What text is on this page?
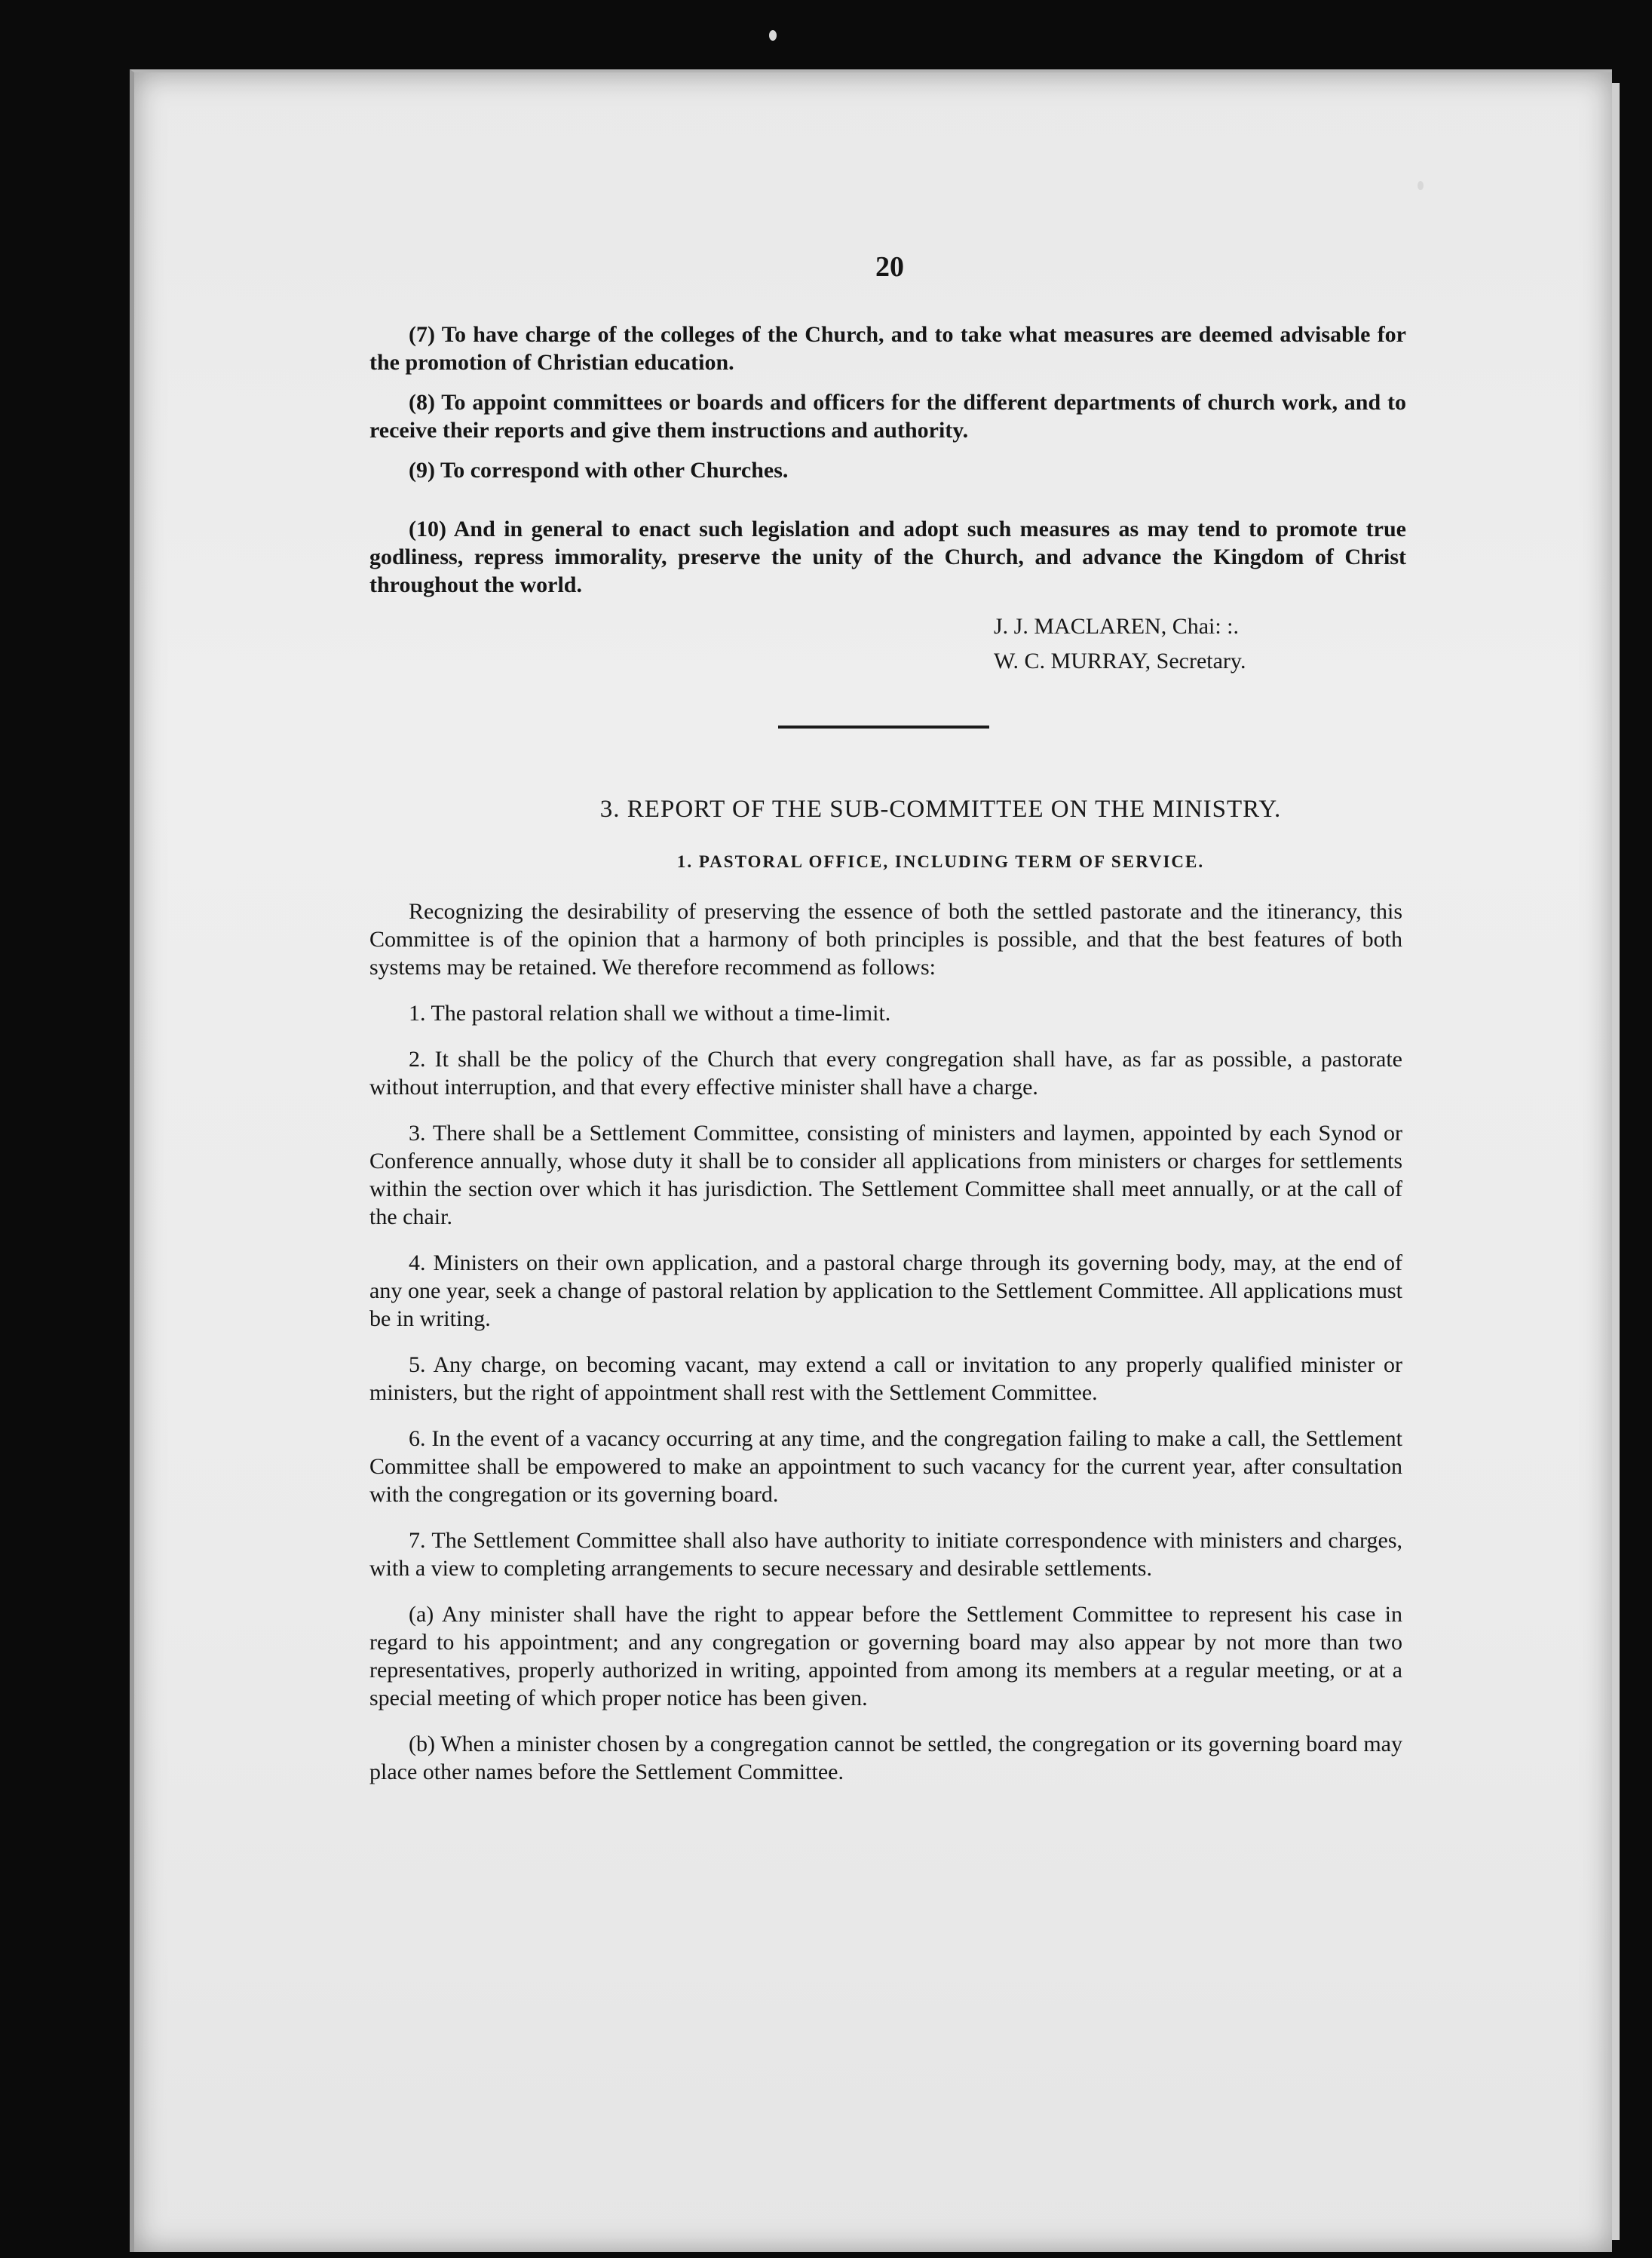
20

(7) To have charge of the colleges of the Church, and to take what measures are deemed advisable for the promotion of Christian education.

(8) To appoint committees or boards and officers for the different departments of church work, and to receive their reports and give them instructions and authority.

(9) To correspond with other Churches.

(10) And in general to enact such legislation and adopt such measures as may tend to promote true godliness, repress immorality, preserve the unity of the Church, and advance the Kingdom of Christ throughout the world.

J. J. MACLAREN, Chai: :.
W. C. MURRAY, Secretary.
3. REPORT OF THE SUB-COMMITTEE ON THE MINISTRY.
1. PASTORAL OFFICE, INCLUDING TERM OF SERVICE.

Recognizing the desirability of preserving the essence of both the settled pastorate and the itinerancy, this Committee is of the opinion that a harmony of both principles is possible, and that the best features of both systems may be retained. We therefore recommend as follows:

1. The pastoral relation shall we without a time-limit.

2. It shall be the policy of the Church that every congregation shall have, as far as possible, a pastorate without interruption, and that every effective minister shall have a charge.

3. There shall be a Settlement Committee, consisting of ministers and laymen, appointed by each Synod or Conference annually, whose duty it shall be to consider all applications from ministers or charges for settlements within the section over which it has jurisdiction. The Settlement Committee shall meet annually, or at the call of the chair.

4. Ministers on their own application, and a pastoral charge through its governing body, may, at the end of any one year, seek a change of pastoral relation by application to the Settlement Committee. All applications must be in writing.

5. Any charge, on becoming vacant, may extend a call or invitation to any properly qualified minister or ministers, but the right of appointment shall rest with the Settlement Committee.

6. In the event of a vacancy occurring at any time, and the congregation failing to make a call, the Settlement Committee shall be empowered to make an appointment to such vacancy for the current year, after consultation with the congregation or its governing board.

7. The Settlement Committee shall also have authority to initiate correspondence with ministers and charges, with a view to completing arrangements to secure necessary and desirable settlements.

(a) Any minister shall have the right to appear before the Settlement Committee to represent his case in regard to his appointment; and any congregation or governing board may also appear by not more than two representatives, properly authorized in writing, appointed from among its members at a regular meeting, or at a special meeting of which proper notice has been given.

(b) When a minister chosen by a congregation cannot be settled, the congregation or its governing board may place other names before the Settlement Committee.
